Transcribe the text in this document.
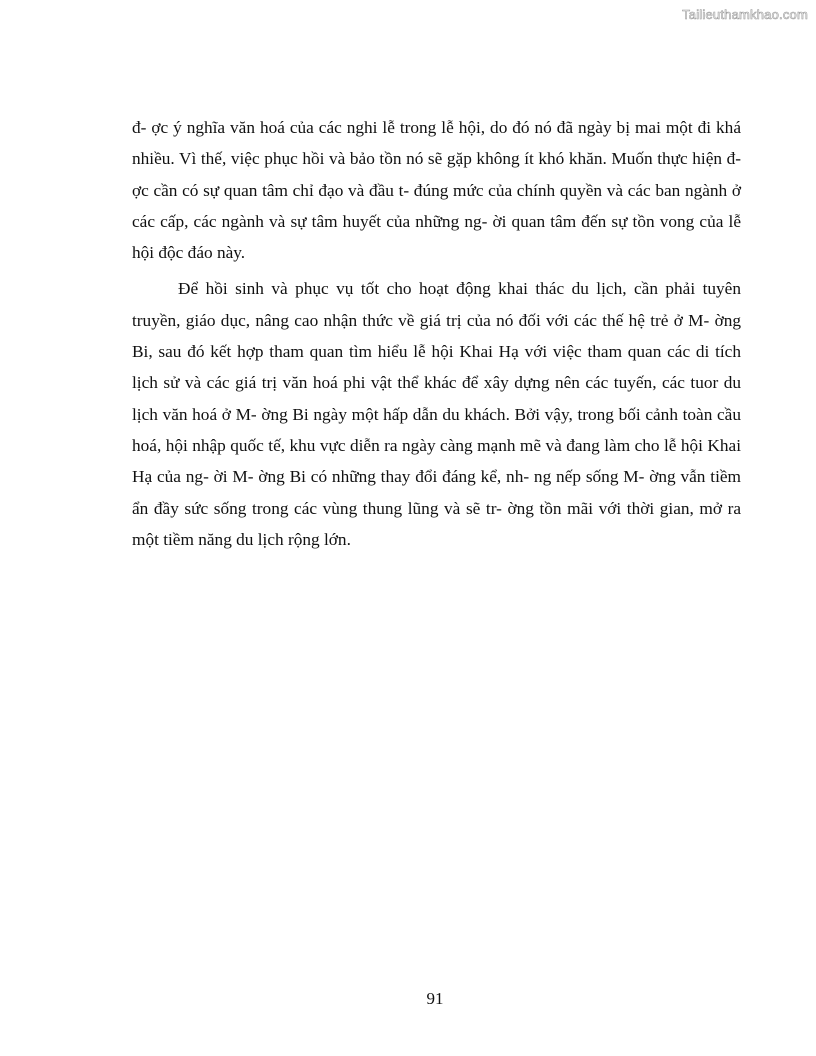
Tailieuthamkhao.com

đ- ợc ý nghĩa văn hoá của các nghi lễ trong lễ hội, do đó nó đã ngày bị mai một đi khá nhiều. Vì thế, việc phục hồi và bảo tồn nó sẽ gặp không ít khó khăn. Muốn thực hiện đ- ợc cần có sự quan tâm chỉ đạo và đầu t- đúng mức của chính quyền và các ban ngành ở các cấp, các ngành và sự tâm huyết của những ng- ời quan tâm đến sự tồn vong của lễ hội độc đáo này.

Để hồi sinh và phục vụ tốt cho hoạt động khai thác du lịch, cần phải tuyên truyền, giáo dục, nâng cao nhận thức về giá trị của nó đối với các thế hệ trẻ ở M- ờng Bi, sau đó kết hợp tham quan tìm hiểu lễ hội Khai Hạ với việc tham quan các di tích lịch sử và các giá trị văn hoá phi vật thể khác để xây dựng nên các tuyến, các tuor du lịch văn hoá ở M- ờng Bi ngày một hấp dẫn du khách. Bởi vậy, trong bối cảnh toàn cầu hoá, hội nhập quốc tế, khu vực diễn ra ngày càng mạnh mẽ và đang làm cho lễ hội Khai Hạ của ng- ời M- ờng Bi có những thay đổi đáng kể, nh- ng nếp sống M- ờng vẫn tiềm ẩn đầy sức sống trong các vùng thung lũng và sẽ tr- ờng tồn mãi với thời gian, mở ra một tiềm năng du lịch rộng lớn.

91
